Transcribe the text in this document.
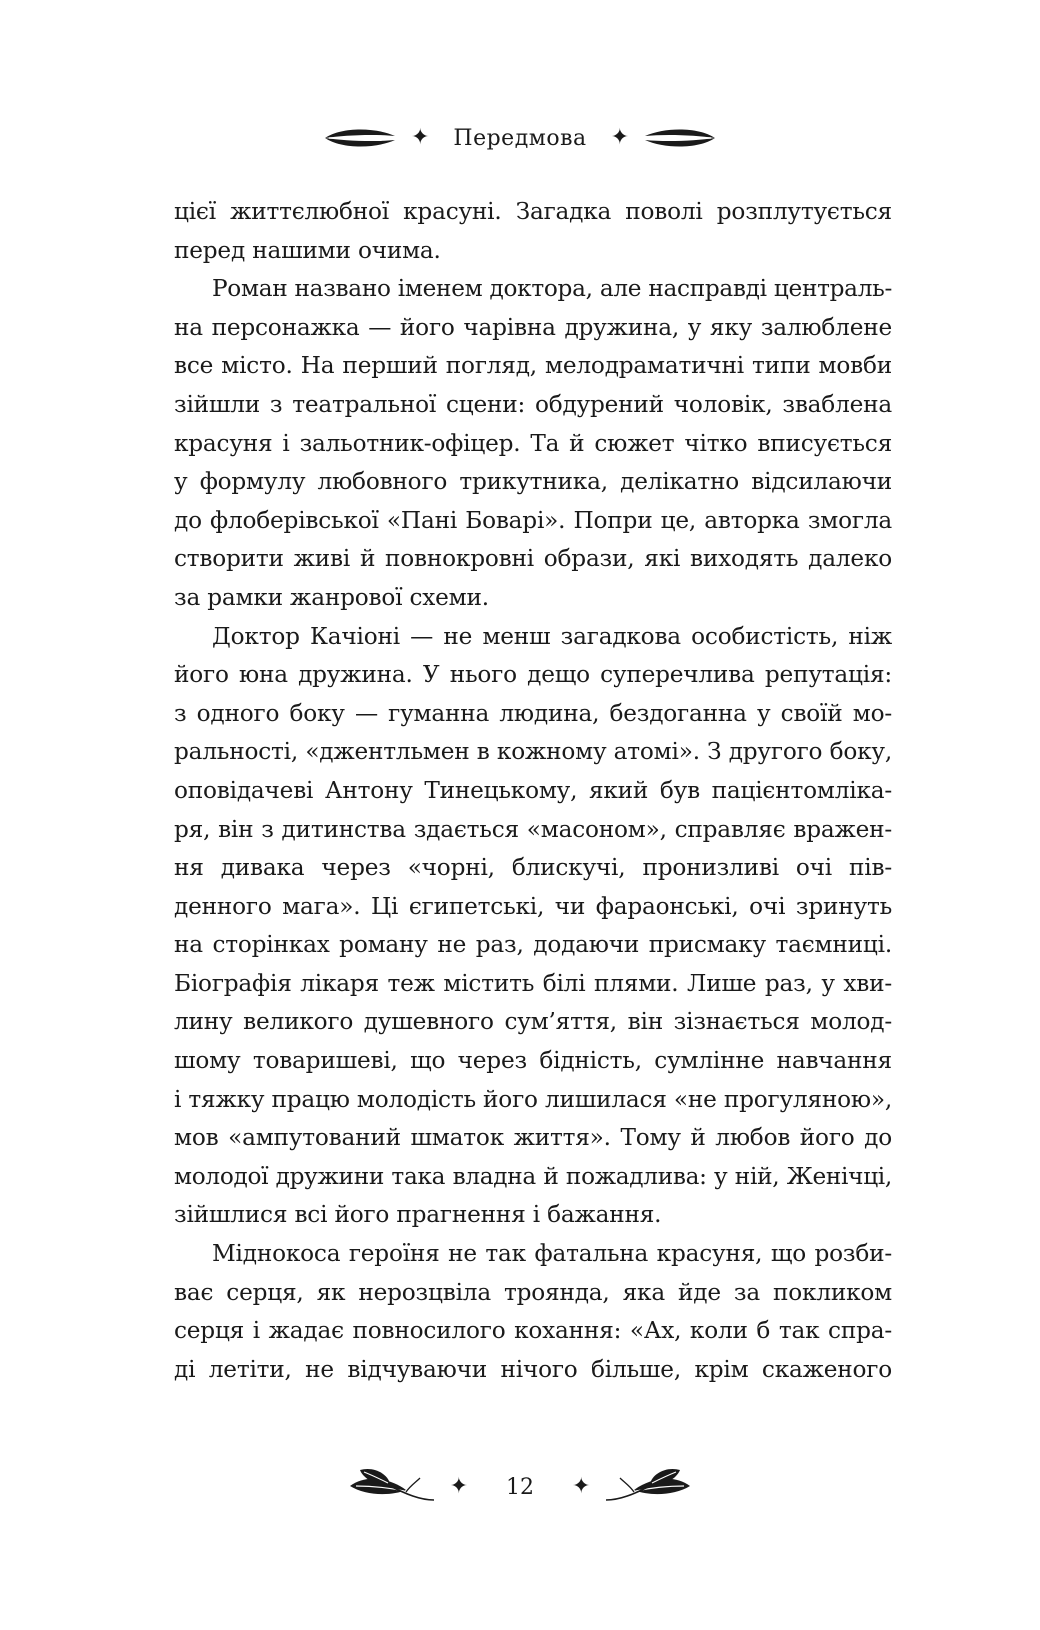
✦	Передмова	✦
цієї життєлюбної красуні. Загадка поволі розплутується
перед нашими очима.
Роман названо іменем доктора, але насправді централь-
на персонажка — його чарівна дружина, у яку залюблене
все місто. На перший погляд, мелодраматичні типи мовби
зійшли з театральної сцени: обдурений чоловік, зваблена
красуня і зальотник-офіцер. Та й сюжет чітко вписується
у формулу любовного трикутника, делікатно відсилаючи
до флоберівської «Пані Боварі». Попри це, авторка змогла
створити живі й повнокровні образи, які виходять далеко
за рамки жанрової схеми.
Доктор Качіоні — не менш загадкова особистість, ніж
його юна дружина. У нього дещо суперечлива репутація:
з одного боку — гуманна людина, бездоганна у своїй мо-
ральності, «джентльмен в кожному атомі». З другого боку,
оповідачеві Антону Тинецькому, який був пацієнтомліка-
ря, він з дитинства здається «масоном», справляє вражен-
ня дивака через «чорні, блискучі, пронизливі очі пів-
денного мага». Ці єгипетські, чи фараонські, очі зринуть
на сторінках роману не раз, додаючи присмаку таємниці.
Біографія лікаря теж містить білі плями. Лише раз, у хви-
лину великого душевного сум’яття, він зізнається молод-
шому товаришеві, що через бідність, сумлінне навчання
і тяжку працю молодість його лишилася «не прогуляною»,
мов «ампутований шматок життя». Тому й любов його до
молодої дружини така владна й пожадлива: у ній, Женічці,
зійшлися всі його прагнення і бажання.
Міднокоса героїня не так фатальна красуня, що розби-
ває серця, як нерозцвіла троянда, яка йде за покликом
серця і жадає повносилого кохання: «Ах, коли б так спра-
ді летіти, не відчуваючи нічого більше, крім скаженого
✦	12	✦
